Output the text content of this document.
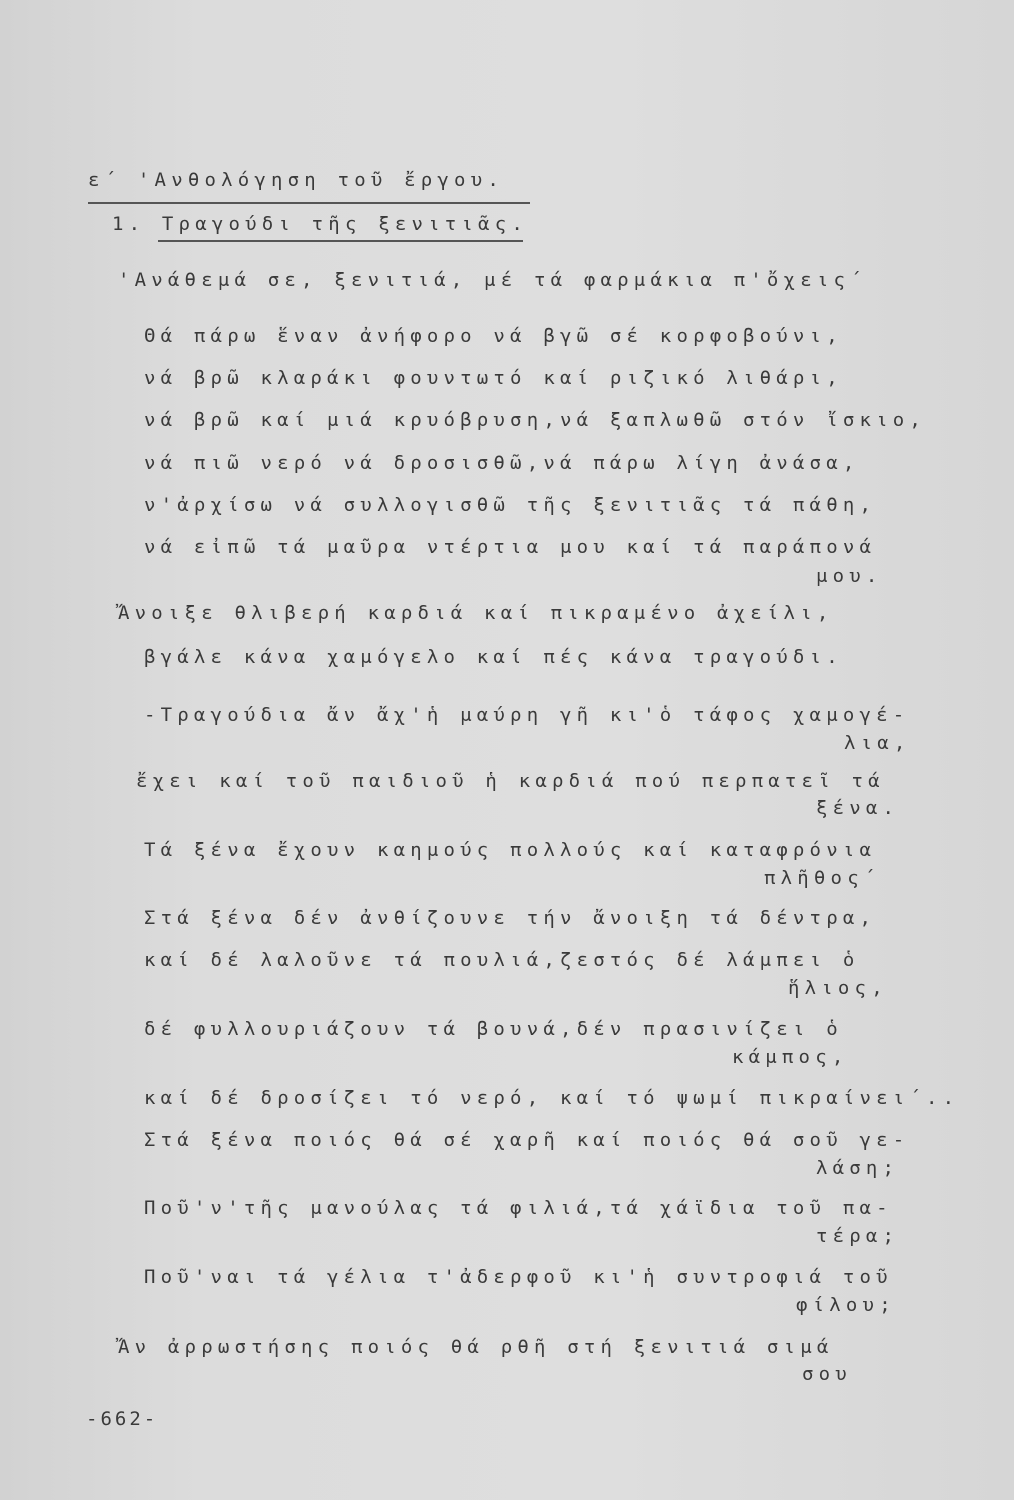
ε΄ 'Ανθολόγηση τοῦ ἔργου.
1. Τραγούδι τῆς ξενιτιᾶς.
'Ανάθεμά σε, ξενιτιά, μέ τά φαρμάκια π'ὄχεις΄
Θά πάρω ἕναν ἀνήφορο νά βγῶ σέ κορφοβούνι,
νά βρῶ κλαράκι φουντωτό καί ριζικό λιθάρι,
νά βρῶ καί μιά κρυόβρυση,νά ξαπλωθῶ στόν ἴσκιο,
νά πιῶ νερό νά δροσισθῶ,νά πάρω λίγη ἀνάσα,
ν'ἀρχίσω νά συλλογισθῶ τῆς ξενιτιᾶς τά πάθη,
νά εἰπῶ τά μαῦρα ντέρτια μου καί τά παράπονά
μου.
Ἄνοιξε θλιβερή καρδιά καί πικραμένο ἀχείλι,
βγάλε κάνα χαμόγελο καί πές κάνα τραγούδι.
-Τραγούδια ἄν ἄχ'ἡ μαύρη γῆ κι'ὁ τάφος χαμογέ-
λια,
ἔχει καί τοῦ παιδιοῦ ἡ καρδιά πού περπατεῖ τά
ξένα.
Τά ξένα ἔχουν καημούς πολλούς καί καταφρόνια
πλῆθος΄
Στά ξένα δέν ἀνθίζουνε τήν ἄνοιξη τά δέντρα,
καί δέ λαλοῦνε τά πουλιά,ζεστός δέ λάμπει ὁ
ἥλιος,
δέ φυλλουριάζουν τά βουνά,δέν πρασινίζει ὁ
κάμπος,
καί δέ δροσίζει τό νερό, καί τό ψωμί πικραίνει΄..
Στά ξένα ποιός θά σέ χαρῆ καί ποιός θά σοῦ γε-
λάση;
Ποῦ'ν'τῆς μανούλας τά φιλιά,τά χάϊδια τοῦ πα-
τέρα;
Ποῦ'ναι τά γέλια τ'ἀδερφοῦ κι'ἡ συντροφιά τοῦ
φίλου;
Ἄν ἀρρωστήσης ποιός θά ρθῆ στή ξενιτιά σιμά
σου
-662-
